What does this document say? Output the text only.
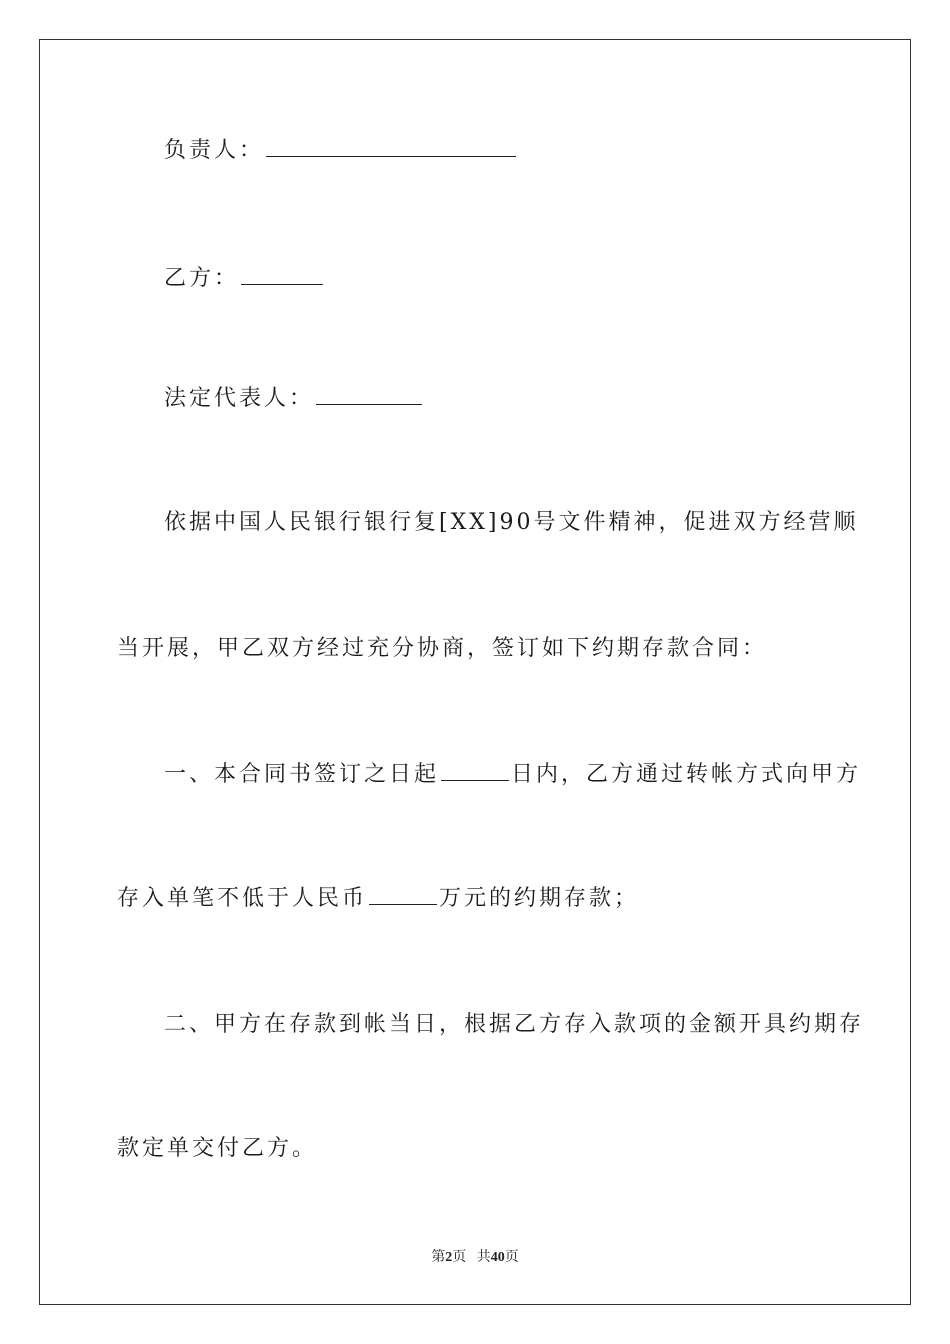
负责人：
乙方：
法定代表人：
依据中国人民银行银行复[XX]90号文件精神，促进双方经营顺
当开展，甲乙双方经过充分协商，签订如下约期存款合同：
一、本合同书签订之日起	日内，乙方通过转帐方式向甲方
存入单笔不低于人民币	万元的约期存款；
二、甲方在存款到帐当日，根据乙方存入款项的金额开具约期存
款定单交付乙方。
第2页 共40页
